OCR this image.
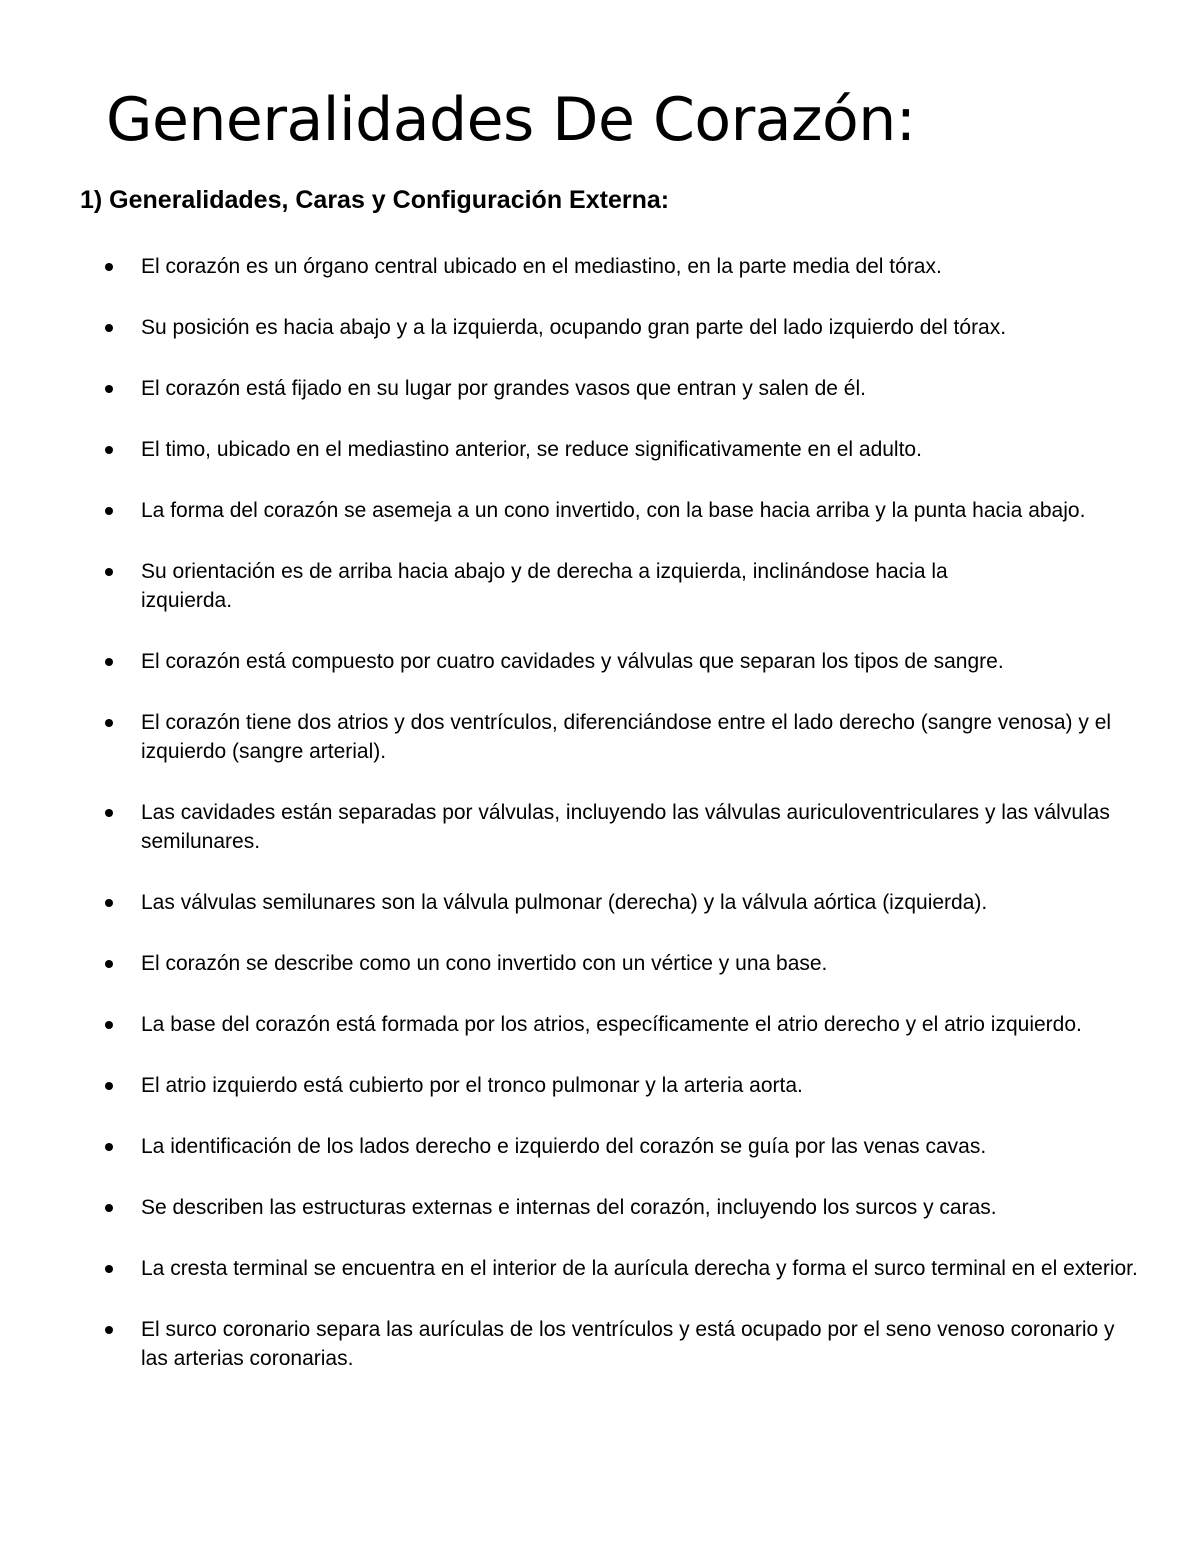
Generalidades De Corazón:
1) Generalidades, Caras y Configuración Externa:
El corazón es un órgano central ubicado en el mediastino, en la parte media del tórax.
Su posición es hacia abajo y a la izquierda, ocupando gran parte del lado izquierdo del tórax.
El corazón está fijado en su lugar por grandes vasos que entran y salen de él.
El timo, ubicado en el mediastino anterior, se reduce significativamente en el adulto.
La forma del corazón se asemeja a un cono invertido, con la base hacia arriba y la punta hacia abajo.
Su orientación es de arriba hacia abajo y de derecha a izquierda, inclinándose hacia la izquierda.
El corazón está compuesto por cuatro cavidades y válvulas que separan los tipos de sangre.
El corazón tiene dos atrios y dos ventrículos, diferenciándose entre el lado derecho (sangre venosa) y el izquierdo (sangre arterial).
Las cavidades están separadas por válvulas, incluyendo las válvulas auriculoventriculares y las válvulas semilunares.
Las válvulas semilunares son la válvula pulmonar (derecha) y la válvula aórtica (izquierda).
El corazón se describe como un cono invertido con un vértice y una base.
La base del corazón está formada por los atrios, específicamente el atrio derecho y el atrio izquierdo.
El atrio izquierdo está cubierto por el tronco pulmonar y la arteria aorta.
La identificación de los lados derecho e izquierdo del corazón se guía por las venas cavas.
Se describen las estructuras externas e internas del corazón, incluyendo los surcos y caras.
La cresta terminal se encuentra en el interior de la aurícula derecha y forma el surco terminal en el exterior.
El surco coronario separa las aurículas de los ventrículos y está ocupado por el seno venoso coronario y las arterias coronarias.
